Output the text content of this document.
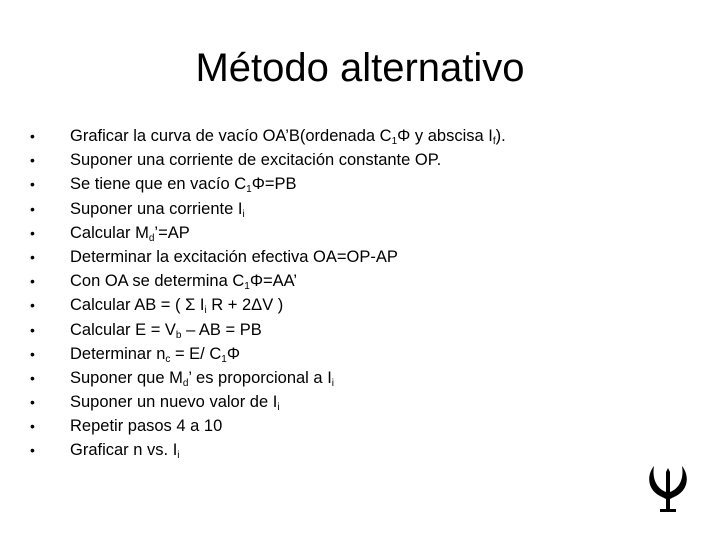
Método alternativo
•	Graficar la curva de vacío OA’B(ordenada $C_1\Phi$ y abscisa $I_f$).
•	Suponer una corriente de excitación constante OP.
•	Se tiene que en vacío $C_1\Phi=PB$
•	Suponer una corriente $I_i$
•	Calcular $M_d’=AP$
•	Determinar la excitación efectiva OA=OP-AP
•	Con OA se determina $C_1\Phi=AA$’
•	Calcular AB = ( Σ $I_i$ R + 2ΔV )
•	Calcular $E = V_b$ – AB = PB
•	Determinar $n_c = E/$ $C_1\Phi$
•	Suponer que $M_d$’ es proporcional a $I_i$
•	Suponer un nuevo valor de $I_i$
•	Repetir pasos 4 a 10
•	Graficar n vs. $I_i$
